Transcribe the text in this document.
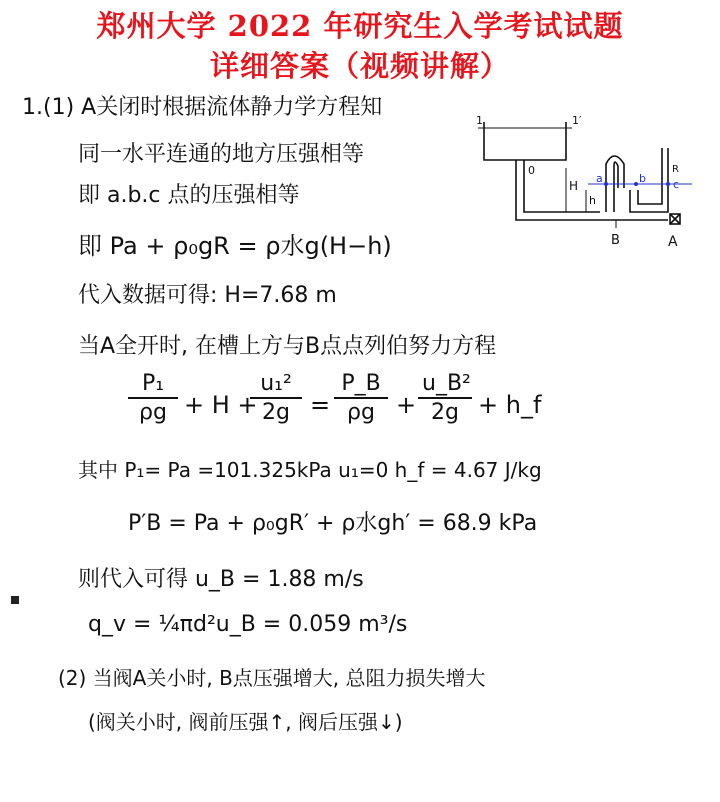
郑州大学 2022 年研究生入学考试试题
详细答案（视频讲解）
1.(1) A关闭时根据流体静力学方程知
同一水平连通的地方压强相等
即 a.b.c 点的压强相等
即 Pa + ρ₀gR = ρ水g(H−h)
代入数据可得: H=7.68 m
当A全开时, 在槽上方与B点点列伯努力方程
P₁
ρg + H +
u₁²
2g =
P_B
ρg +
u_B²
2g + h_f
其中 P₁= Pa =101.325kPa u₁=0 h_f = 4.67 J/kg
P′B = Pa + ρ₀gR′ + ρ水gh′ = 68.9 kPa
则代入可得 u_B = 1.88 m/s
q_v = ¼πd²u_B = 0.059 m³/s
(2) 当阀A关小时, B点压强增大, 总阻力损失增大
(阀关小时, 阀前压强↑, 阀后压强↓)
1	1′
0
H
h
a	b c
R
B	A
